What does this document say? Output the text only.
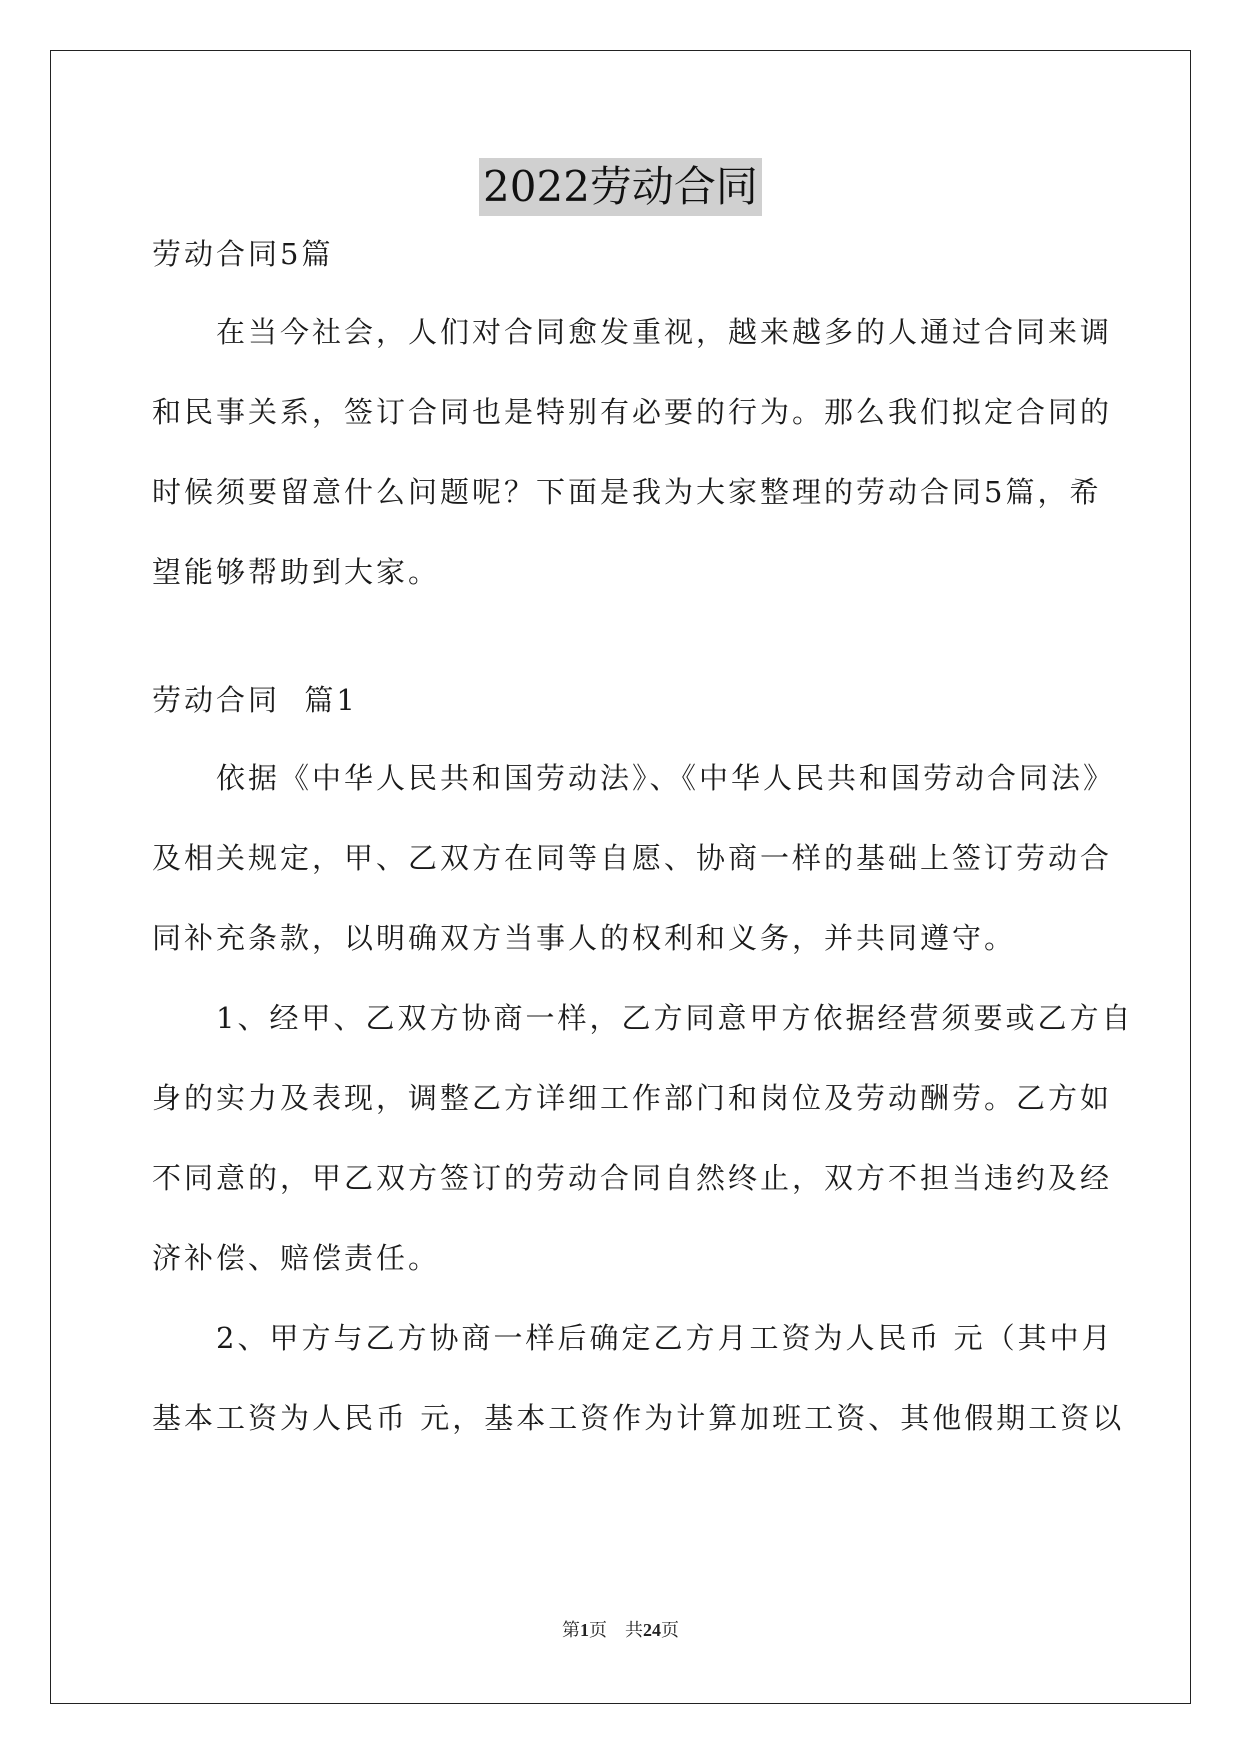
2022劳动合同

劳动合同5篇

　　在当今社会，人们对合同愈发重视，越来越多的人通过合同来调
和民事关系，签订合同也是特别有必要的行为。那么我们拟定合同的
时候须要留意什么问题呢？下面是我为大家整理的劳动合同5篇，希
望能够帮助到大家。

劳动合同  篇1

　　依据《中华人民共和国劳动法》、《中华人民共和国劳动合同法》
及相关规定，甲、乙双方在同等自愿、协商一样的基础上签订劳动合
同补充条款，以明确双方当事人的权利和义务，并共同遵守。
　　1、经甲、乙双方协商一样，乙方同意甲方依据经营须要或乙方自
身的实力及表现，调整乙方详细工作部门和岗位及劳动酬劳。乙方如
不同意的，甲乙双方签订的劳动合同自然终止，双方不担当违约及经
济补偿、赔偿责任。
　　2、甲方与乙方协商一样后确定乙方月工资为人民币 元（其中月
基本工资为人民币 元，基本工资作为计算加班工资、其他假期工资以
第1页 共24页
